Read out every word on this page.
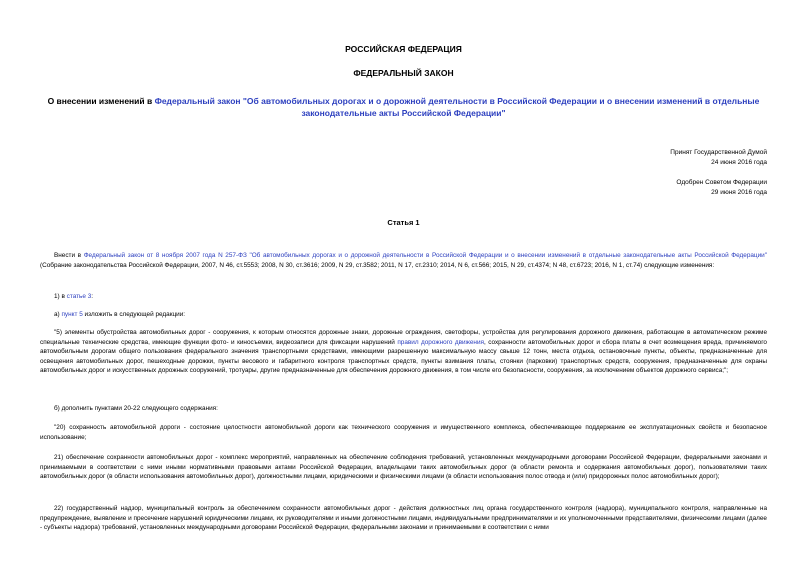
РОССИЙСКАЯ ФЕДЕРАЦИЯ
ФЕДЕРАЛЬНЫЙ ЗАКОН
О внесении изменений в Федеральный закон "Об автомобильных дорогах и о дорожной деятельности в Российской Федерации и о внесении изменений в отдельные законодательные акты Российской Федерации"
Принят Государственной Думой
24 июня 2016 года
Одобрен Советом Федерации
29 июня 2016 года
Статья 1
Внести в Федеральный закон от 8 ноября 2007 года N 257-ФЗ "Об автомобильных дорогах и о дорожной деятельности в Российской Федерации и о внесении изменений в отдельные законодательные акты Российской Федерации" (Собрание законодательства Российской Федерации, 2007, N 46, ст.5553; 2008, N 30, ст.3616; 2009, N 29, ст.3582; 2011, N 17, ст.2310; 2014, N 6, ст.566; 2015, N 29, ст.4374; N 48, ст.6723; 2016, N 1, ст.74) следующие изменения:
1) в статье 3:
а) пункт 5 изложить в следующей редакции:
"5) элементы обустройства автомобильных дорог - сооружения, к которым относятся дорожные знаки, дорожные ограждения, светофоры, устройства для регулирования дорожного движения, работающие в автоматическом режиме специальные технические средства, имеющие функции фото- и киносъемки, видеозаписи для фиксации нарушений правил дорожного движения, сохранности автомобильных дорог и сбора платы в счет возмещения вреда, причиняемого автомобильным дорогам общего пользования федерального значения транспортными средствами, имеющими разрешенную максимальную массу свыше 12 тонн, места отдыха, остановочные пункты, объекты, предназначенные для освещения автомобильных дорог, пешеходные дорожки, пункты весового и габаритного контроля транспортных средств, пункты взимания платы, стоянки (парковки) транспортных средств, сооружения, предназначенные для охраны автомобильных дорог и искусственных дорожных сооружений, тротуары, другие предназначенные для обеспечения дорожного движения, в том числе его безопасности, сооружения, за исключением объектов дорожного сервиса;";
б) дополнить пунктами 20-22 следующего содержания:
"20) сохранность автомобильной дороги - состояние целостности автомобильной дороги как технического сооружения и имущественного комплекса, обеспечивающее поддержание ее эксплуатационных свойств и безопасное использование;
21) обеспечение сохранности автомобильных дорог - комплекс мероприятий, направленных на обеспечение соблюдения требований, установленных международными договорами Российской Федерации, федеральными законами и принимаемыми в соответствии с ними иными нормативными правовыми актами Российской Федерации, владельцами таких автомобильных дорог (в области ремонта и содержания автомобильных дорог), пользователями таких автомобильных дорог (в области использования автомобильных дорог), должностными лицами, юридическими и физическими лицами (в области использования полос отвода и (или) придорожных полос автомобильных дорог);
22) государственный надзор, муниципальный контроль за обеспечением сохранности автомобильных дорог - действия должностных лиц органа государственного контроля (надзора), муниципального контроля, направленные на предупреждение, выявление и пресечение нарушений юридическими лицами, их руководителями и иными должностными лицами, индивидуальными предпринимателями и их уполномоченными представителями, физическими лицами (далее - субъекты надзора) требований, установленных международными договорами Российской Федерации, федеральными законами и принимаемыми в соответствии с ними
